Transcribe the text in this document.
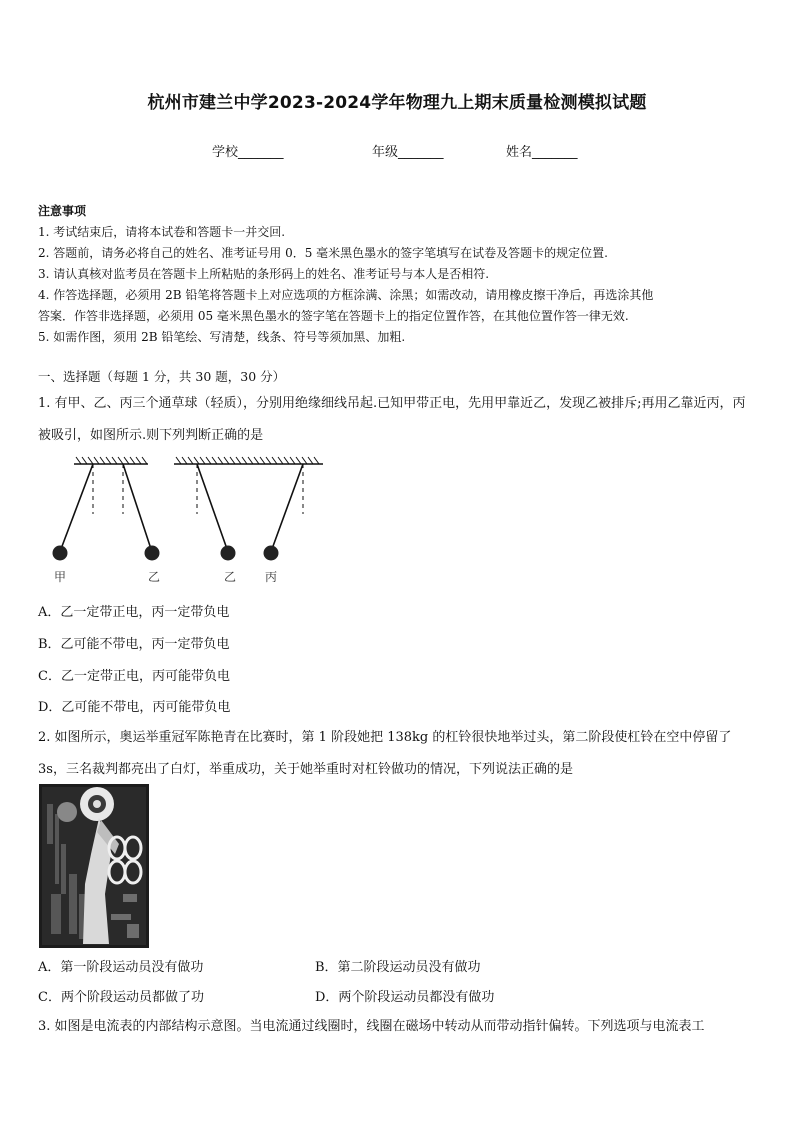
杭州市建兰中学2023-2024学年物理九上期末质量检测模拟试题
学校_______	年级_______	姓名_______
注意事项
1. 考试结束后，请将本试卷和答题卡一并交回.
2. 答题前，请务必将自己的姓名、准考证号用 0．5 毫米黑色墨水的签字笔填写在试卷及答题卡的规定位置.
3. 请认真核对监考员在答题卡上所粘贴的条形码上的姓名、准考证号与本人是否相符.
4. 作答选择题，必须用 2B 铅笔将答题卡上对应选项的方框涂满、涂黑；如需改动，请用橡皮擦干净后，再选涂其他
答案．作答非选择题，必须用 05 毫米黑色墨水的签字笔在答题卡上的指定位置作答，在其他位置作答一律无效.
5. 如需作图，须用 2B 铅笔绘、写清楚，线条、符号等须加黑、加粗.
一、选择题（每题 1 分，共 30 题，30 分）
1. 有甲、乙、丙三个通草球（轻质），分别用绝缘细线吊起.已知甲带正电，先用甲靠近乙，发现乙被排斥;再用乙靠近丙，丙被吸引，如图所示.则下列判断正确的是
甲	乙	乙 丙
A．乙一定带正电，丙一定带负电
B．乙可能不带电，丙一定带负电
C．乙一定带正电，丙可能带负电
D．乙可能不带电，丙可能带负电
2. 如图所示，奥运举重冠军陈艳青在比赛时，第 1 阶段她把 138kg 的杠铃很快地举过头，第二阶段使杠铃在空中停留了 3s，三名裁判都亮出了白灯，举重成功，关于她举重时对杠铃做功的情况，下列说法正确的是
A．第一阶段运动员没有做功	B．第二阶段运动员没有做功
C．两个阶段运动员都做了功	D．两个阶段运动员都没有做功
3. 如图是电流表的内部结构示意图。当电流通过线圈时，线圈在磁场中转动从而带动指针偏转。下列选项与电流表工
